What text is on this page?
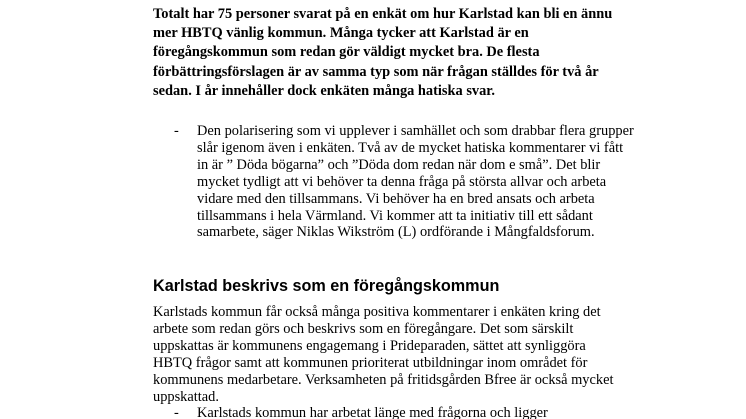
Totalt har 75 personer svarat på en enkät om hur Karlstad kan bli en ännu mer HBTQ vänlig kommun. Många tycker att Karlstad är en föregångskommun som redan gör väldigt mycket bra. De flesta förbättringsförslagen är av samma typ som när frågan ställdes för två år sedan. I år innehåller dock enkäten många hatiska svar.

- Den polarisering som vi upplever i samhället och som drabbar flera grupper slår igenom även i enkäten. Två av de mycket hatiska kommentarer vi fått in är ” Döda bögarna” och ”Döda dom redan när dom e små”. Det blir mycket tydligt att vi behöver ta denna fråga på största allvar och arbeta vidare med den tillsammans. Vi behöver ha en bred ansats och arbeta tillsammans i hela Värmland. Vi kommer att ta initiativ till ett sådant samarbete, säger Niklas Wikström (L) ordförande i Mångfaldsforum.
Karlstad beskrivs som en föregångskommun

Karlstads kommun får också många positiva kommentarer i enkäten kring det arbete som redan görs och beskrivs som en föregångare. Det som särskilt uppskattas är kommunens engagemang i Prideparaden, sättet att synliggöra HBTQ frågor samt att kommunen prioriterat utbildningar inom området för kommunens medarbetare. Verksamheten på fritidsgården Bfree är också mycket uppskattad.

- Karlstads kommun har arbetat länge med frågorna och ligger
